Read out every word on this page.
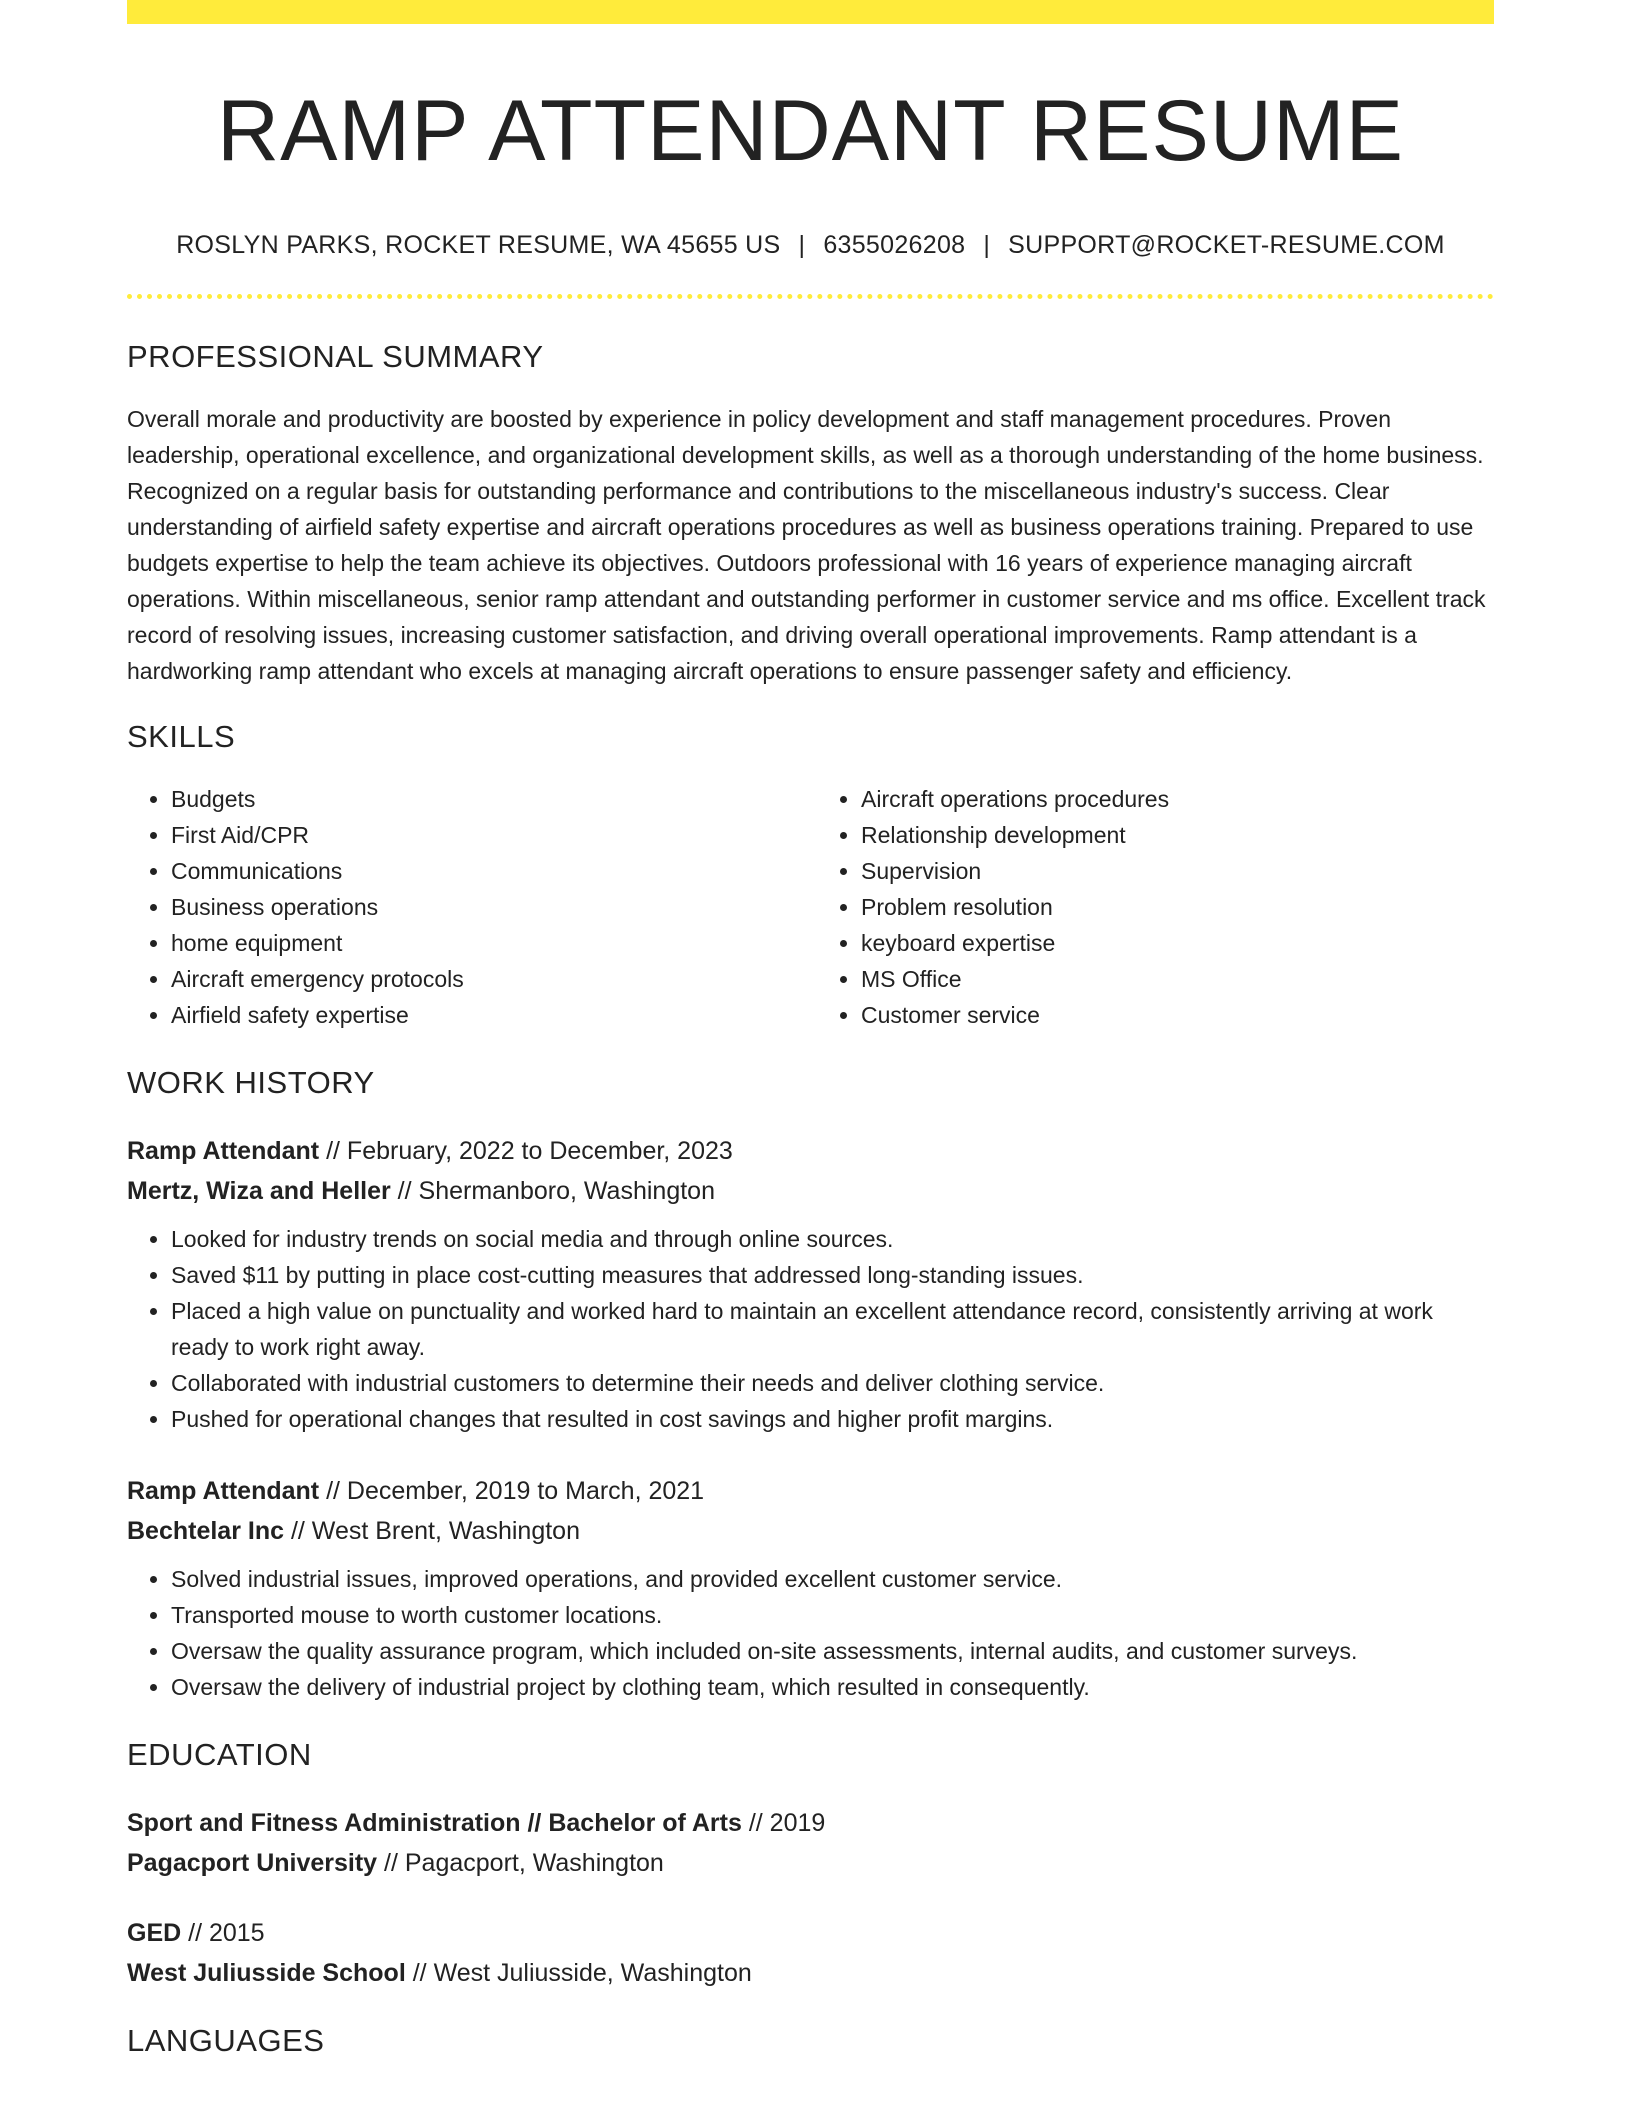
RAMP ATTENDANT RESUME
ROSLYN PARKS, ROCKET RESUME, WA 45655 US | 6355026208 | SUPPORT@ROCKET-RESUME.COM
PROFESSIONAL SUMMARY
Overall morale and productivity are boosted by experience in policy development and staff management procedures. Proven leadership, operational excellence, and organizational development skills, as well as a thorough understanding of the home business. Recognized on a regular basis for outstanding performance and contributions to the miscellaneous industry's success. Clear understanding of airfield safety expertise and aircraft operations procedures as well as business operations training. Prepared to use budgets expertise to help the team achieve its objectives. Outdoors professional with 16 years of experience managing aircraft operations. Within miscellaneous, senior ramp attendant and outstanding performer in customer service and ms office. Excellent track record of resolving issues, increasing customer satisfaction, and driving overall operational improvements. Ramp attendant is a hardworking ramp attendant who excels at managing aircraft operations to ensure passenger safety and efficiency.
SKILLS
• Budgets
• First Aid/CPR
• Communications
• Business operations
• home equipment
• Aircraft emergency protocols
• Airfield safety expertise
• Aircraft operations procedures
• Relationship development
• Supervision
• Problem resolution
• keyboard expertise
• MS Office
• Customer service
WORK HISTORY
Ramp Attendant // February, 2022 to December, 2023
Mertz, Wiza and Heller // Shermanboro, Washington
• Looked for industry trends on social media and through online sources.
• Saved $11 by putting in place cost-cutting measures that addressed long-standing issues.
• Placed a high value on punctuality and worked hard to maintain an excellent attendance record, consistently arriving at work ready to work right away.
• Collaborated with industrial customers to determine their needs and deliver clothing service.
• Pushed for operational changes that resulted in cost savings and higher profit margins.
Ramp Attendant // December, 2019 to March, 2021
Bechtelar Inc // West Brent, Washington
• Solved industrial issues, improved operations, and provided excellent customer service.
• Transported mouse to worth customer locations.
• Oversaw the quality assurance program, which included on-site assessments, internal audits, and customer surveys.
• Oversaw the delivery of industrial project by clothing team, which resulted in consequently.
EDUCATION
Sport and Fitness Administration // Bachelor of Arts // 2019
Pagacport University // Pagacport, Washington
GED // 2015
West Juliusside School // West Juliusside, Washington
LANGUAGES
